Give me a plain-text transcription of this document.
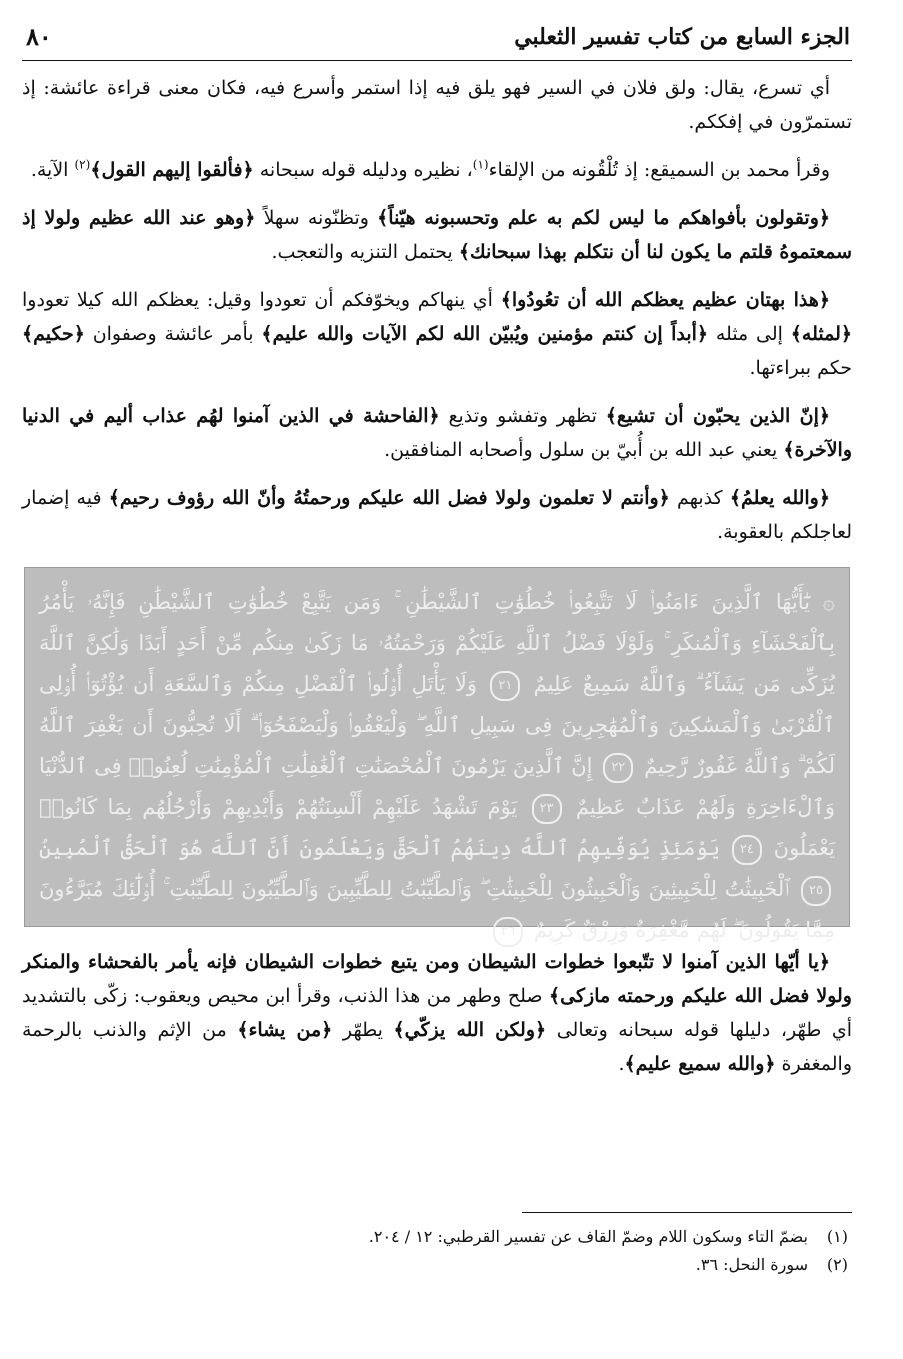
الجزء السابع من كتاب تفسير الثعلبي
٨٠

أي تسرع، يقال: ولق فلان في السير فهو يلق فيه إذا استمر وأسرع فيه، فكان معنى قراءة عائشة: إذ تستمرّون في إفككم.

وقرأ محمد بن السميقع: إذ تُلْقُونه من الإلقاء$^{(١)}$، نظيره ودليله قوله سبحانه ﴿فألقوا إليهم القول﴾$^{(٢)}$ الآية.

﴿وتقولون بأفواهكم ما ليس لكم به علم وتحسبونه هيّناً﴾ وتظنّونه سهلاً ﴿وهو عند الله عظيم ولولا إذ سمعتموهُ قلتم ما يكون لنا أن نتكلم بهذا سبحانك﴾ يحتمل التنزيه والتعجب.

﴿هذا بهتان عظيم يعظكم الله أن تعُودُوا﴾ أي ينهاكم ويخوّفكم أن تعودوا وقيل: يعظكم الله كيلا تعودوا ﴿لمثله﴾ إلى مثله ﴿أبداً إن كنتم مؤمنين ويُبيّن الله لكم الآيات والله عليم﴾ بأمر عائشة وصفوان ﴿حكيم﴾ حكم ببراءتها.

﴿إنّ الذين يحبّون أن تشيع﴾ تظهر وتفشو وتذيع ﴿الفاحشة في الذين آمنوا لهُم عذاب أليم في الدنيا والآخرة﴾ يعني عبد الله بن أُبيّ بن سلول وأصحابه المنافقين.

﴿والله يعلمُ﴾ كذبهم ﴿وأنتم لا تعلمون ولولا فضل الله عليكم ورحمتُهُ وأنّ الله رؤوف رحيم﴾ فيه إضمار لعاجلكم بالعقوبة.

۞ يَٰٓأَيُّهَا ٱلَّذِينَ ءَامَنُوا۟ لَا تَتَّبِعُوا۟ خُطُوَٰتِ ٱلشَّيْطَٰنِ ۚ وَمَن يَتَّبِعْ خُطُوَٰتِ ٱلشَّيْطَٰنِ فَإِنَّهُۥ يَأْمُرُ بِٱلْفَحْشَآءِ وَٱلْمُنكَرِ ۚ وَلَوْلَا فَضْلُ ٱللَّهِ عَلَيْكُمْ وَرَحْمَتُهُۥ مَا زَكَىٰ مِنكُم مِّنْ أَحَدٍ أَبَدًا وَلَٰكِنَّ ٱللَّهَ يُزَكِّى مَن يَشَآءُ ۗ وَٱللَّهُ سَمِيعٌ عَلِيمٌ ٢١ وَلَا يَأْتَلِ أُو۟لُوا۟ ٱلْفَضْلِ مِنكُمْ وَٱلسَّعَةِ أَن يُؤْتُوٓا۟ أُو۟لِى ٱلْقُرْبَىٰ وَٱلْمَسَٰكِينَ وَٱلْمُهَٰجِرِينَ فِى سَبِيلِ ٱللَّهِ ۖ وَلْيَعْفُوا۟ وَلْيَصْفَحُوٓا۟ ۗ أَلَا تُحِبُّونَ أَن يَغْفِرَ ٱللَّهُ لَكُمْ ۗ وَٱللَّهُ غَفُورٌ رَّحِيمٌ ٢٢ إِنَّ ٱلَّذِينَ يَرْمُونَ ٱلْمُحْصَنَٰتِ ٱلْغَٰفِلَٰتِ ٱلْمُؤْمِنَٰتِ لُعِنُوا۟ فِى ٱلدُّنْيَا وَٱلْءَاخِرَةِ وَلَهُمْ عَذَابٌ عَظِيمٌ ٢٣ يَوْمَ تَشْهَدُ عَلَيْهِمْ أَلْسِنَتُهُمْ وَأَيْدِيهِمْ وَأَرْجُلُهُم بِمَا كَانُوا۟ يَعْمَلُونَ ٢٤ يَوْمَئِذٍ يُوَفِّيهِمُ ٱللَّهُ دِينَهُمُ ٱلْحَقَّ وَيَعْلَمُونَ أَنَّ ٱللَّهَ هُوَ ٱلْحَقُّ ٱلْمُبِينُ ٢٥ ٱلْخَبِيثَٰتُ لِلْخَبِيثِينَ وَٱلْخَبِيثُونَ لِلْخَبِيثَٰتِ ۖ وَٱلطَّيِّبَٰتُ لِلطَّيِّبِينَ وَٱلطَّيِّبُونَ لِلطَّيِّبَٰتِ ۚ أُو۟لَٰٓئِكَ مُبَرَّءُونَ مِمَّا يَقُولُونَ ۖ لَهُم مَّغْفِرَةٌ وَرِزْقٌ كَرِيمٌ ٢٦

﴿يا أيّها الذين آمنوا لا تتّبعوا خطوات الشيطان ومن يتبع خطوات الشيطان فإنه يأمر بالفحشاء والمنكر ولولا فضل الله عليكم ورحمته مازكى﴾ صلح وطهر من هذا الذنب، وقرأ ابن محيص ويعقوب: زكّى بالتشديد أي طهّر، دليلها قوله سبحانه وتعالى ﴿ولكن الله يزكّي﴾ يطهّر ﴿من يشاء﴾ من الإثم والذنب بالرحمة والمغفرة ﴿والله سميع عليم﴾.

(١)بضمّ التاء وسكون اللام وضمّ القاف عن تفسير القرطبي: ١٢ / ٢٠٤.
(٢)سورة النحل: ٣٦.
